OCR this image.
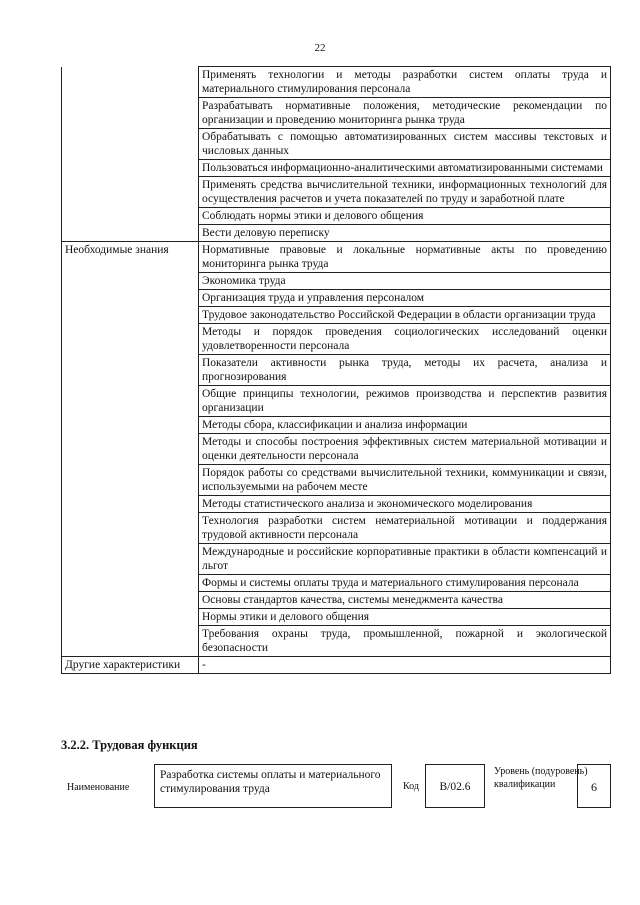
22
	Применять технологии и методы разработки систем оплаты труда и материального стимулирования персонала
	Разрабатывать нормативные положения, методические рекомендации по организации и проведению мониторинга рынка труда
	Обрабатывать с помощью автоматизированных систем массивы текстовых и числовых данных
	Пользоваться информационно-аналитическими автоматизированными системами
	Применять средства вычислительной техники, информационных технологий для осуществления расчетов и учета показателей по труду и заработной плате
	Соблюдать нормы этики и делового общения
	Вести деловую переписку
Необходимые знания	Нормативные правовые и локальные нормативные акты по проведению мониторинга рынка труда
	Экономика труда
	Организация труда и управления персоналом
	Трудовое законодательство Российской Федерации в области организации труда
	Методы и порядок проведения социологических исследований оценки удовлетворенности персонала
	Показатели активности рынка труда, методы их расчета, анализа и прогнозирования
	Общие принципы технологии, режимов производства и перспектив развития организации
	Методы сбора, классификации и анализа информации
	Методы и способы построения эффективных систем материальной мотивации и оценки деятельности персонала
	Порядок работы со средствами вычислительной техники, коммуникации и связи, используемыми на рабочем месте
	Методы статистического анализа и экономического моделирования
	Технология разработки систем нематериальной мотивации и поддержания трудовой активности персонала
	Международные и российские корпоративные практики в области компенсаций и льгот
	Формы и системы оплаты труда и материального стимулирования персонала
	Основы стандартов качества, системы менеджмента качества
	Нормы этики и делового общения
	Требования охраны труда, промышленной, пожарной и экологической безопасности
Другие характеристики	-
3.2.2. Трудовая функция
Наименование
Разработка системы оплаты и материального стимулирования труда	Код	B/02.6
Уровень (подуровень) квалификации	6
